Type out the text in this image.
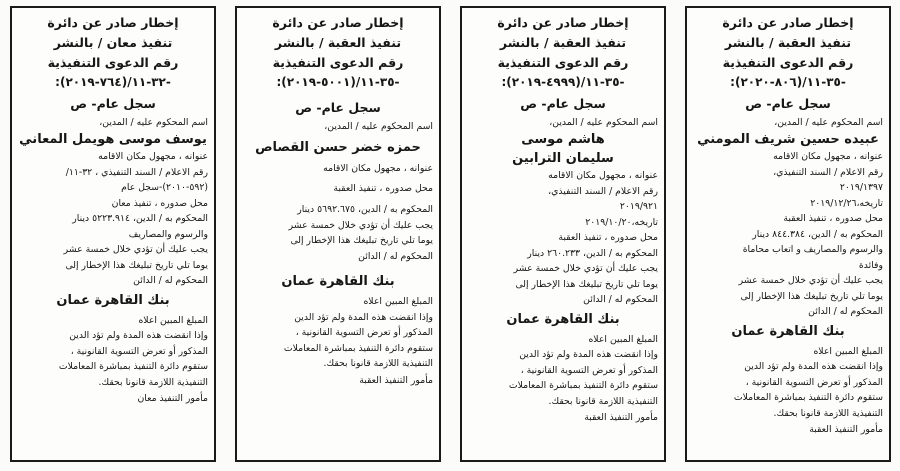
إخطار صادر عن دائرة
تنفيذ معان / بالنشر
رقم الدعوى التنفيذية
:٣٢-١١/(٧٦٤-٢٠١٩)-
سجل عام- ص
اسم المحكوم عليه / المدين،
يوسف موسى هويمل المعاني
عنوانه ، مجهول مكان الاقامه
رقم الاعلام / السند التنفيذي ، ٣٢-١١/
(٥٩٢-٢٠١٠)-سجل عام
محل صدوره ، تنفيذ معان
المحكوم به / الدين، ٥٢٢٣.٩١٤ دينار
والرسوم والمصاريف
يجب عليك أن تؤدي خلال خمسة عشر
يوما تلي تاريخ تبليغك هذا الإخطار إلى
المحكوم له / الدائن
بنك القاهرة عمان
المبلغ المبين اعلاه
وإذا انقضت هذه المدة ولم تؤد الدين
المذكور أو تعرض التسوية القانونية ،
ستقوم دائرة التنفيذ بمباشرة المعاملات
التنفيذية اللازمة قانونا بحقك.
مأمور التنفيذ معان
إخطار صادر عن دائرة
تنفيذ العقبة / بالنشر
رقم الدعوى التنفيذية
:٣٥-١١/(٥٠٠١-٢٠١٩)-
سجل عام- ص
اسم المحكوم عليه / المدين،
حمزه خضر حسن القصاص
عنوانه ، مجهول مكان الاقامه
محل صدوره ، تنفيذ العقبة
المحكوم به / الدين، ٥٦٩٢.٦٧٥ دينار
يجب عليك أن تؤدي خلال خمسة عشر
يوما تلي تاريخ تبليغك هذا الإخطار إلى
المحكوم له / الدائن
بنك القاهرة عمان
المبلغ المبين اعلاه
وإذا انقضت هذه المدة ولم تؤد الدين
المذكور أو تعرض التسوية القانونية ،
ستقوم دائرة التنفيذ بمباشرة المعاملات
التنفيذية اللازمة قانونا بحقك.
مأمور التنفيذ العقبة
إخطار صادر عن دائرة
تنفيذ العقبة / بالنشر
رقم الدعوى التنفيذية
:٣٥-١١/(٤٩٩٩-٢٠١٩)-
سجل عام- ص
اسم المحكوم عليه / المدين،
هاشم موسى
سليمان الترابين
عنوانه ، مجهول مكان الاقامه
رقم الاعلام / السند التنفيذي،
٢٠١٩/٩٢١
تاريخه،٢٠١٩/١٠/٢٠
محل صدوره ، تنفيذ العقبة
المحكوم به / الدين، ٢٦٠.٢٣٣ دينار
يجب عليك أن تؤدي خلال خمسة عشر
يوما تلي تاريخ تبليغك هذا الإخطار إلى
المحكوم له / الدائن
بنك القاهرة عمان
المبلغ المبين اعلاه
وإذا انقضت هذه المدة ولم تؤد الدين
المذكور أو تعرض التسوية القانونية ،
ستقوم دائرة التنفيذ بمباشرة المعاملات
التنفيذية اللازمة قانونا بحقك.
مأمور التنفيذ العقبة
إخطار صادر عن دائرة
تنفيذ العقبة / بالنشر
رقم الدعوى التنفيذية
:٣٥-١١/(٨٠٦-٢٠٢٠)-
سجل عام- ص
اسم المحكوم عليه / المدين،
عبيده حسين شريف المومني
عنوانه ، مجهول مكان الاقامه
رقم الاعلام / السند التنفيذي،
٢٠١٩/١٣٩٧
تاريخه،٢٠١٩/١٢/٢٦
محل صدوره ، تنفيذ العقبة
المحكوم به / الدين، ٨٤٤.٣٨٤ دينار
والرسوم والمصاريف و اتعاب محاماة
وفائدة
يجب عليك أن تؤدي خلال خمسة عشر
يوما تلي تاريخ تبليغك هذا الإخطار إلى
المحكوم له / الدائن
بنك القاهرة عمان
المبلغ المبين اعلاه
وإذا انقضت هذه المدة ولم تؤد الدين
المذكور أو تعرض التسوية القانونية ،
ستقوم دائرة التنفيذ بمباشرة المعاملات
التنفيذية اللازمة قانونا بحقك.
مأمور التنفيذ العقبة
